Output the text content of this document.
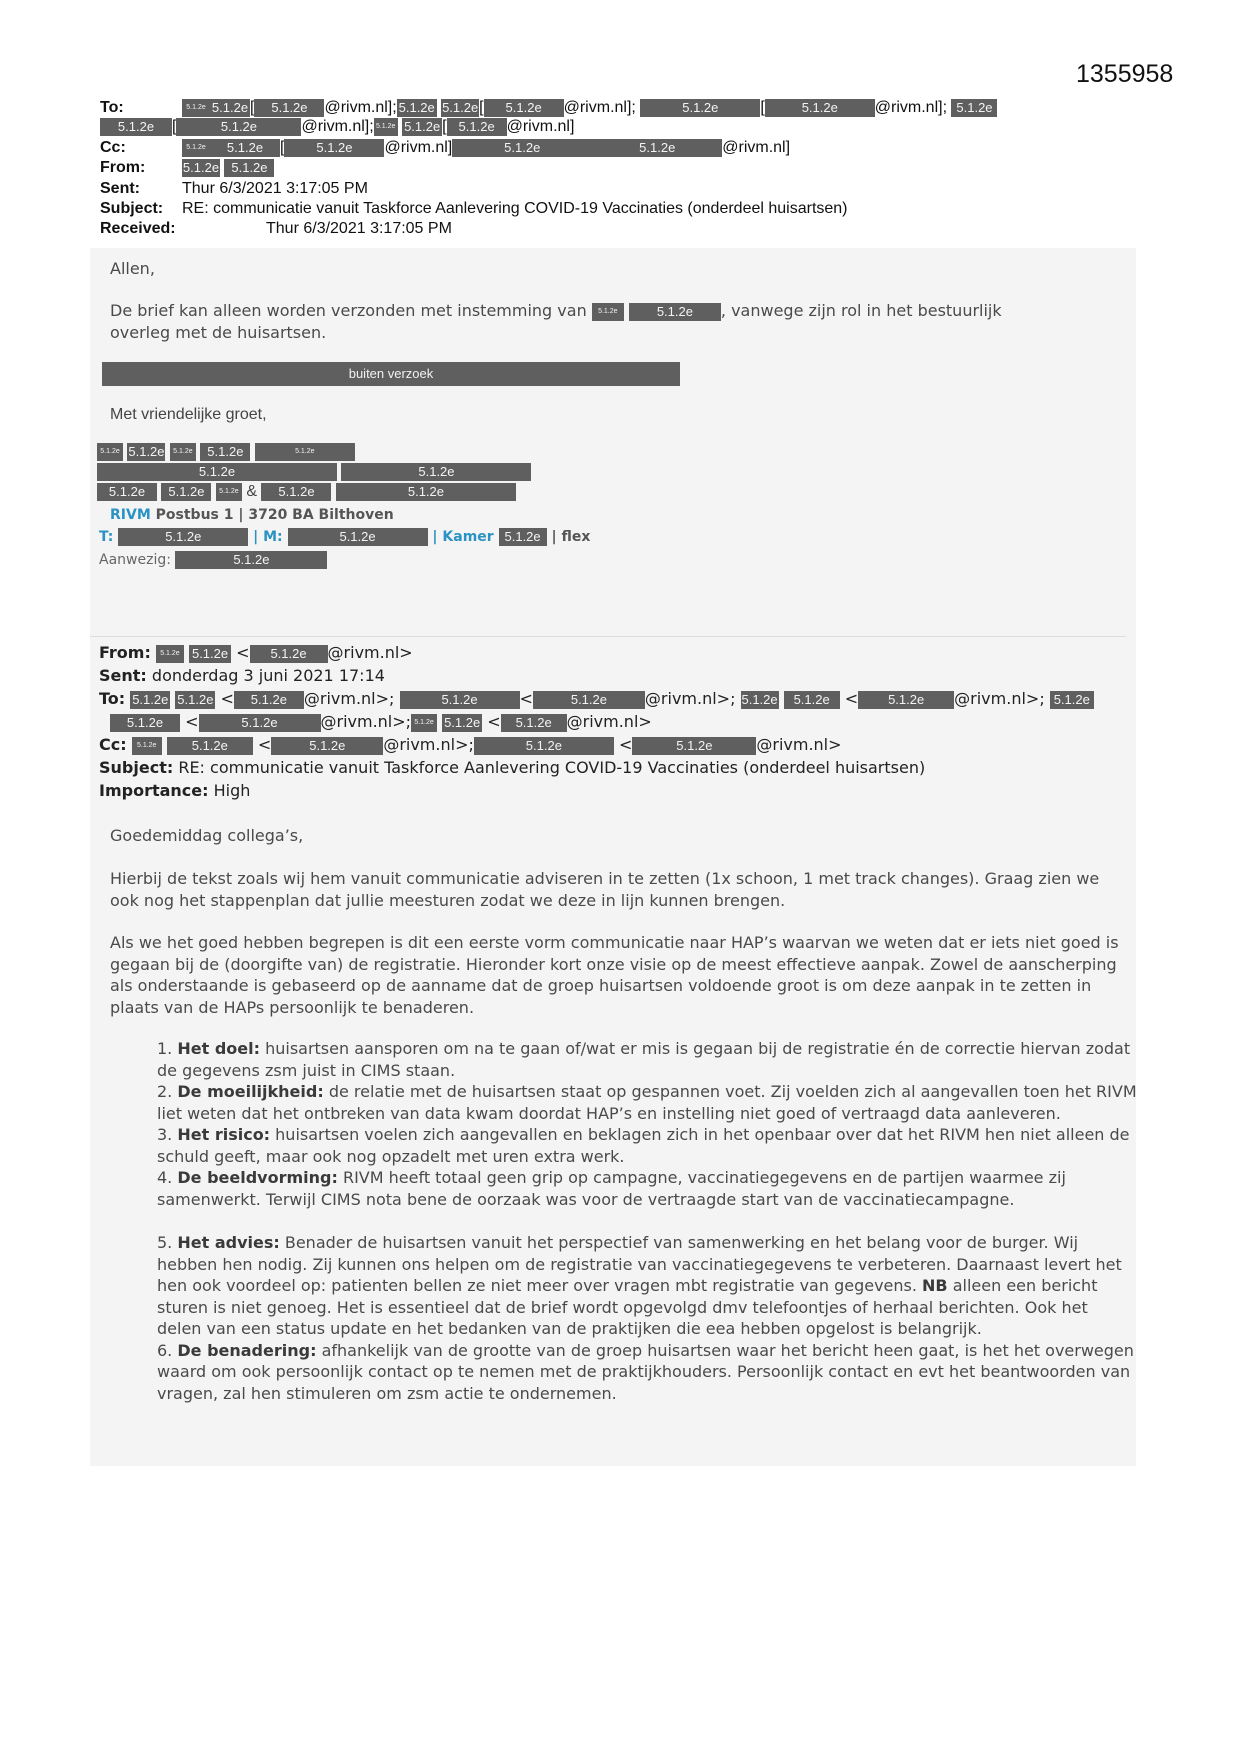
1355958
To:	5.1.2e 5.1.2e [ 5.1.2e @rivm.nl]; 5.1.2e 5.1.2e[ 5.1.2e @rivm.nl];	5.1.2e	[	5.1.2e @rivm.nl]; 5.1.2e
5.1.2e [	5.1.2e	@rivm.nl]; 5.1.2e 5.1.2e [ 5.1.2e @rivm.nl]
Cc:	5.1.2e 5.1.2e [ 5.1.2e @rivm.nl]	5.1.2e	5.1.2e	@rivm.nl]
From:	5.1.2e 5.1.2e
Sent:	Thur 6/3/2021 3:17:05 PM
Subject: RE: communicatie vanuit Taskforce Aanlevering COVID-19 Vaccinaties (onderdeel huisartsen)
Received:	Thur 6/3/2021 3:17:05 PM
Allen,
De brief kan alleen worden verzonden met instemming van 5.1.2e	5.1.2e , vanwege zijn rol in het bestuurlijk
overleg met de huisartsen.
buiten verzoek
Met vriendelijke groet,
5.1.2e 5.1.2e 5.1.2e 5.1.2e	5.1.2e
5.1.2e	5.1.2e
5.1.2e 5.1.2e 5.1.2e & 5.1.2e	5.1.2e
RIVM Postbus 1 | 3720 BA Bilthoven
T:	5.1.2e	| M:	5.1.2e	| Kamer 5.1.2e | flex
Aanwezig:	5.1.2e
From: 5.1.2e 5.1.2e < 5.1.2e @rivm.nl>
Sent: donderdag 3 juni 2021 17:14
To: 5.1.2e 5.1.2e < 5.1.2e @rivm.nl>;	5.1.2e	<	5.1.2e @rivm.nl>; 5.1.2e 5.1.2e < 5.1.2e @rivm.nl>; 5.1.2e
5.1.2e <	5.1.2e	@rivm.nl>; 5.1.2e 5.1.2e < 5.1.2e @rivm.nl>
Cc: 5.1.2e	5.1.2e <	5.1.2e @rivm.nl>;	5.1.2e	<	5.1.2e	@rivm.nl>
Subject: RE: communicatie vanuit Taskforce Aanlevering COVID-19 Vaccinaties (onderdeel huisartsen)
Importance: High
Goedemiddag collega’s,
Hierbij de tekst zoals wij hem vanuit communicatie adviseren in te zetten (1x schoon, 1 met track changes). Graag zien we ook nog het stappenplan dat jullie meesturen zodat we deze in lijn kunnen brengen.
Als we het goed hebben begrepen is dit een eerste vorm communicatie naar HAP’s waarvan we weten dat er iets niet goed is gegaan bij de (doorgifte van) de registratie. Hieronder kort onze visie op de meest effectieve aanpak. Zowel de aanscherping als onderstaande is gebaseerd op de aanname dat de groep huisartsen voldoende groot is om deze aanpak in te zetten in plaats van de HAPs persoonlijk te benaderen.
1. Het doel: huisartsen aansporen om na te gaan of/wat er mis is gegaan bij de registratie én de correctie hiervan zodat de gegevens zsm juist in CIMS staan.
2. De moeilijkheid: de relatie met de huisartsen staat op gespannen voet. Zij voelden zich al aangevallen toen het RIVM liet weten dat het ontbreken van data kwam doordat HAP’s en instelling niet goed of vertraagd data aanleveren.
3. Het risico: huisartsen voelen zich aangevallen en beklagen zich in het openbaar over dat het RIVM hen niet alleen de schuld geeft, maar ook nog opzadelt met uren extra werk.
4. De beeldvorming: RIVM heeft totaal geen grip op campagne, vaccinatiegegevens en de partijen waarmee zij samenwerkt. Terwijl CIMS nota bene de oorzaak was voor de vertraagde start van de vaccinatiecampagne.
5. Het advies: Benader de huisartsen vanuit het perspectief van samenwerking en het belang voor de burger. Wij hebben hen nodig. Zij kunnen ons helpen om de registratie van vaccinatiegegevens te verbeteren. Daarnaast levert het hen ook voordeel op: patienten bellen ze niet meer over vragen mbt registratie van gegevens. NB alleen een bericht sturen is niet genoeg. Het is essentieel dat de brief wordt opgevolgd dmv telefoontjes of herhaal berichten. Ook het delen van een status update en het bedanken van de praktijken die eea hebben opgelost is belangrijk.
6. De benadering: afhankelijk van de grootte van de groep huisartsen waar het bericht heen gaat, is het het overwegen waard om ook persoonlijk contact op te nemen met de praktijkhouders. Persoonlijk contact en evt het beantwoorden van vragen, zal hen stimuleren om zsm actie te ondernemen.
